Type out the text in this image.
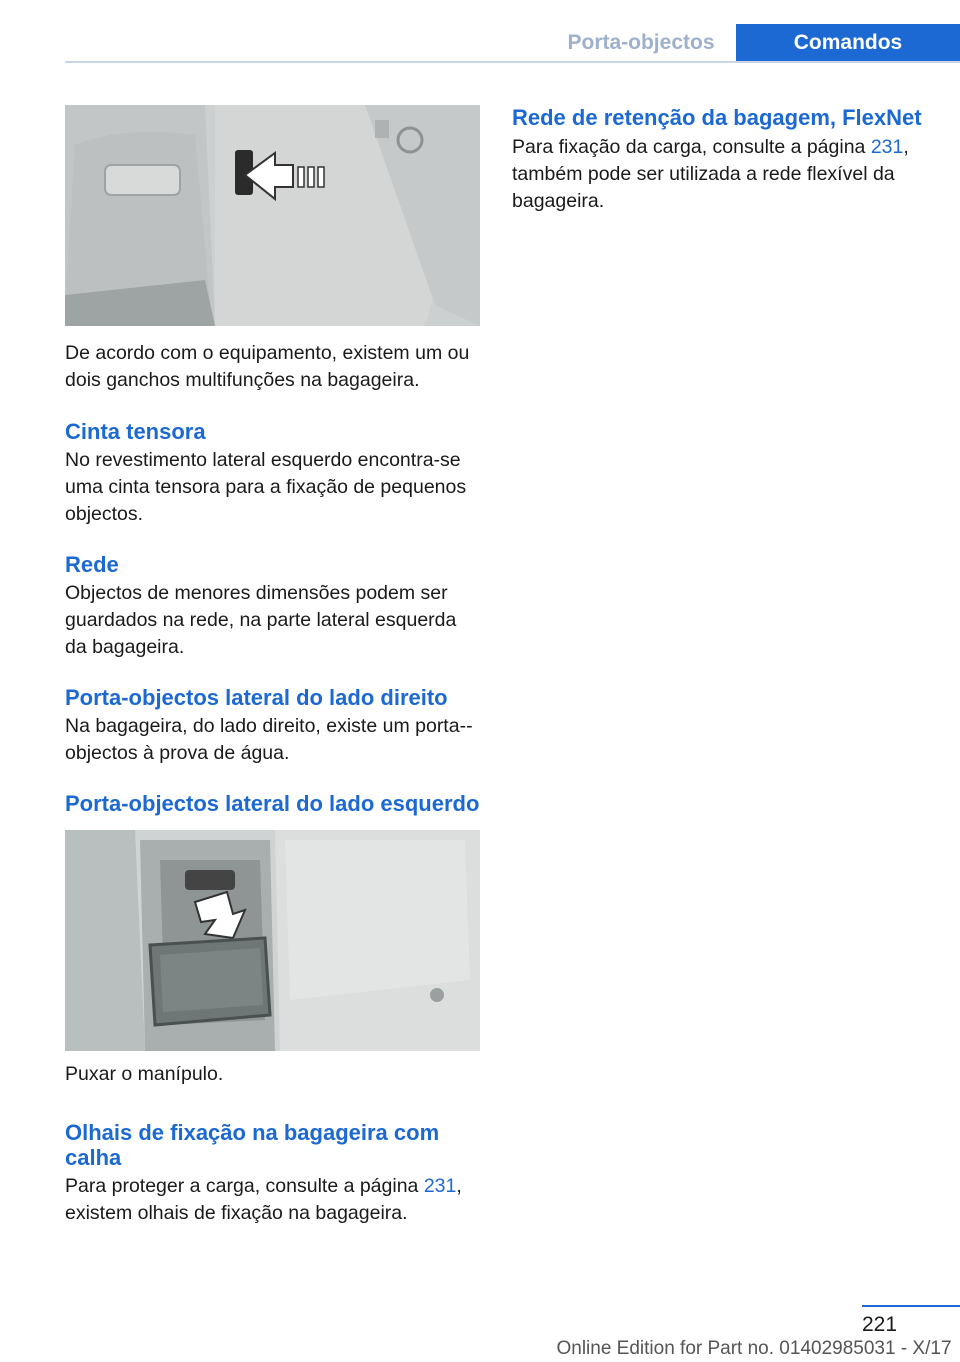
Porta-objectos	Comandos

De acordo com o equipamento, existem um ou dois ganchos multifunções na bagageira.

Cinta tensora

No revestimento lateral esquerdo encontra‐se uma cinta tensora para a fixação de pequenos objectos.

Rede

Objectos de menores dimensões podem ser guardados na rede, na parte lateral esquerda da bagageira.

Porta-objectos lateral do lado direito

Na bagageira, do lado direito, existe um porta-objectos à prova de água.

Porta-objectos lateral do lado esquerdo

Puxar o manípulo.

Olhais de fixação na bagageira com calha

Para proteger a carga, consulte a página 231, existem olhais de fixação na bagageira.

Rede de retenção da bagagem, FlexNet

Para fixação da carga, consulte a página 231, também pode ser utilizada a rede flexível da bagageira.

221
Online Edition for Part no. 01402985031 - X/17
